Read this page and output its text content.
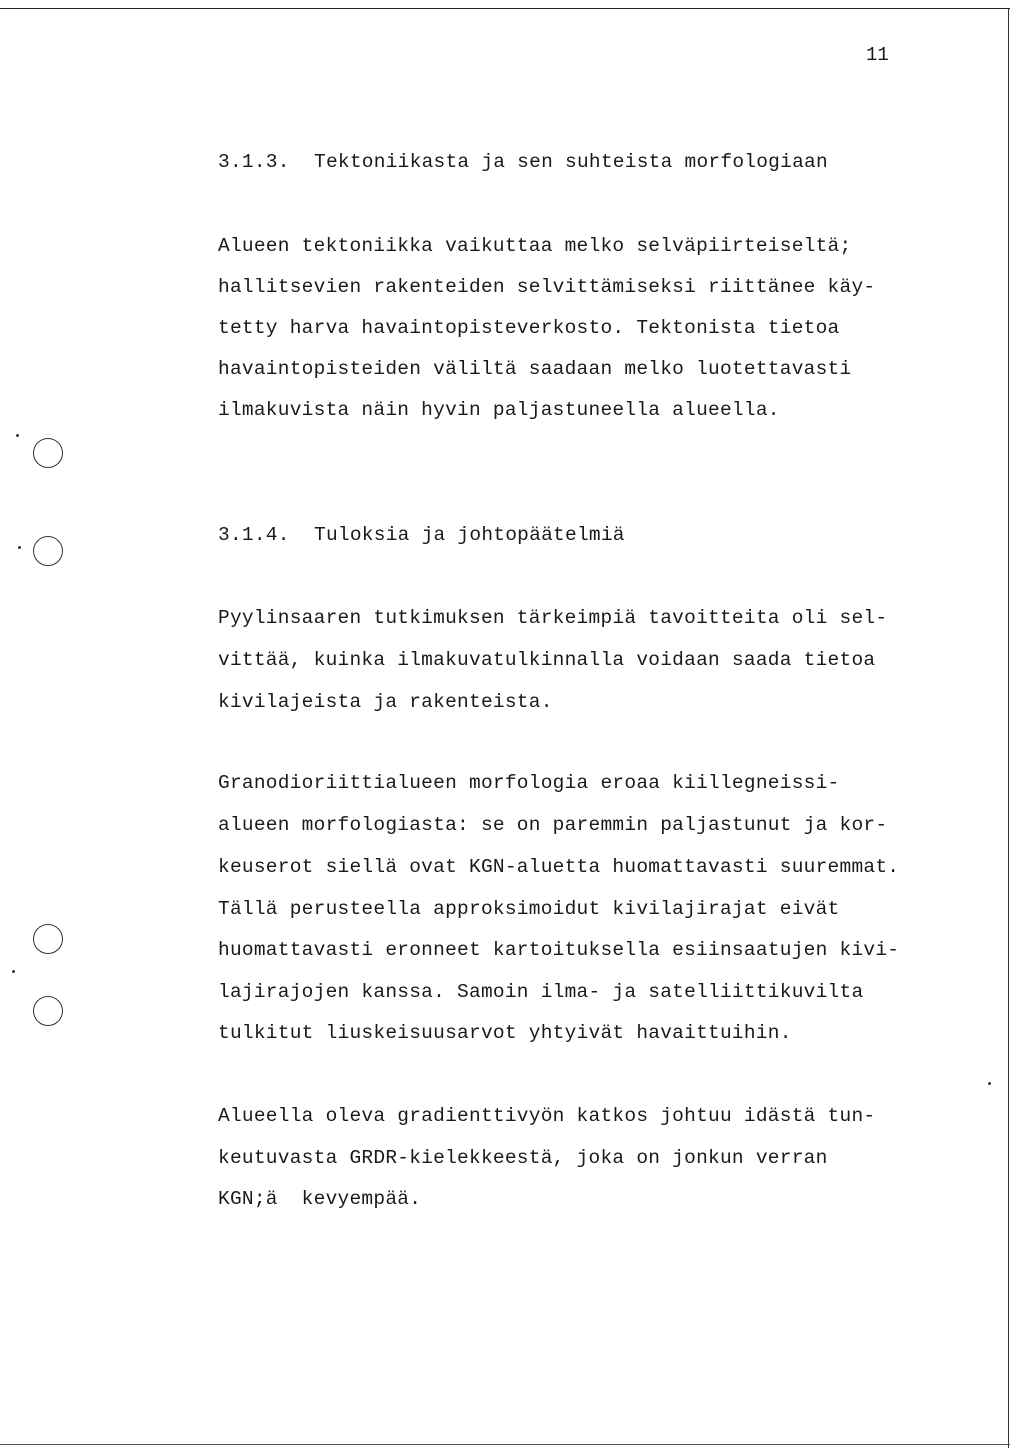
11
3.1.3. Tektoniikasta ja sen suhteista morfologiaan
Alueen tektoniikka vaikuttaa melko selväpiirteiseltä;
hallitsevien rakenteiden selvittämiseksi riittänee käy-
tetty harva havaintopisteverkosto. Tektonista tietoa
havaintopisteiden väliltä saadaan melko luotettavasti
ilmakuvista näin hyvin paljastuneella alueella.
3.1.4. Tuloksia ja johtopäätelmiä
Pyylinsaaren tutkimuksen tärkeimpiä tavoitteita oli sel-
vittää, kuinka ilmakuvatulkinnalla voidaan saada tietoa
kivilajeista ja rakenteista.
Granodioriittialueen morfologia eroaa kiillegneissi-
alueen morfologiasta: se on paremmin paljastunut ja kor-
keuserot siellä ovat KGN-aluetta huomattavasti suuremmat.
Tällä perusteella approksimoidut kivilajirajat eivät
huomattavasti eronneet kartoituksella esiinsaatujen kivi-
lajirajojen kanssa. Samoin ilma- ja satelliittikuvilta
tulkitut liuskeisuusarvot yhtyivät havaittuihin.
Alueella oleva gradienttivyön katkos johtuu idästä tun-
keutuvasta GRDR-kielekkeestä, joka on jonkun verran
KGN;ä  kevyempää.
